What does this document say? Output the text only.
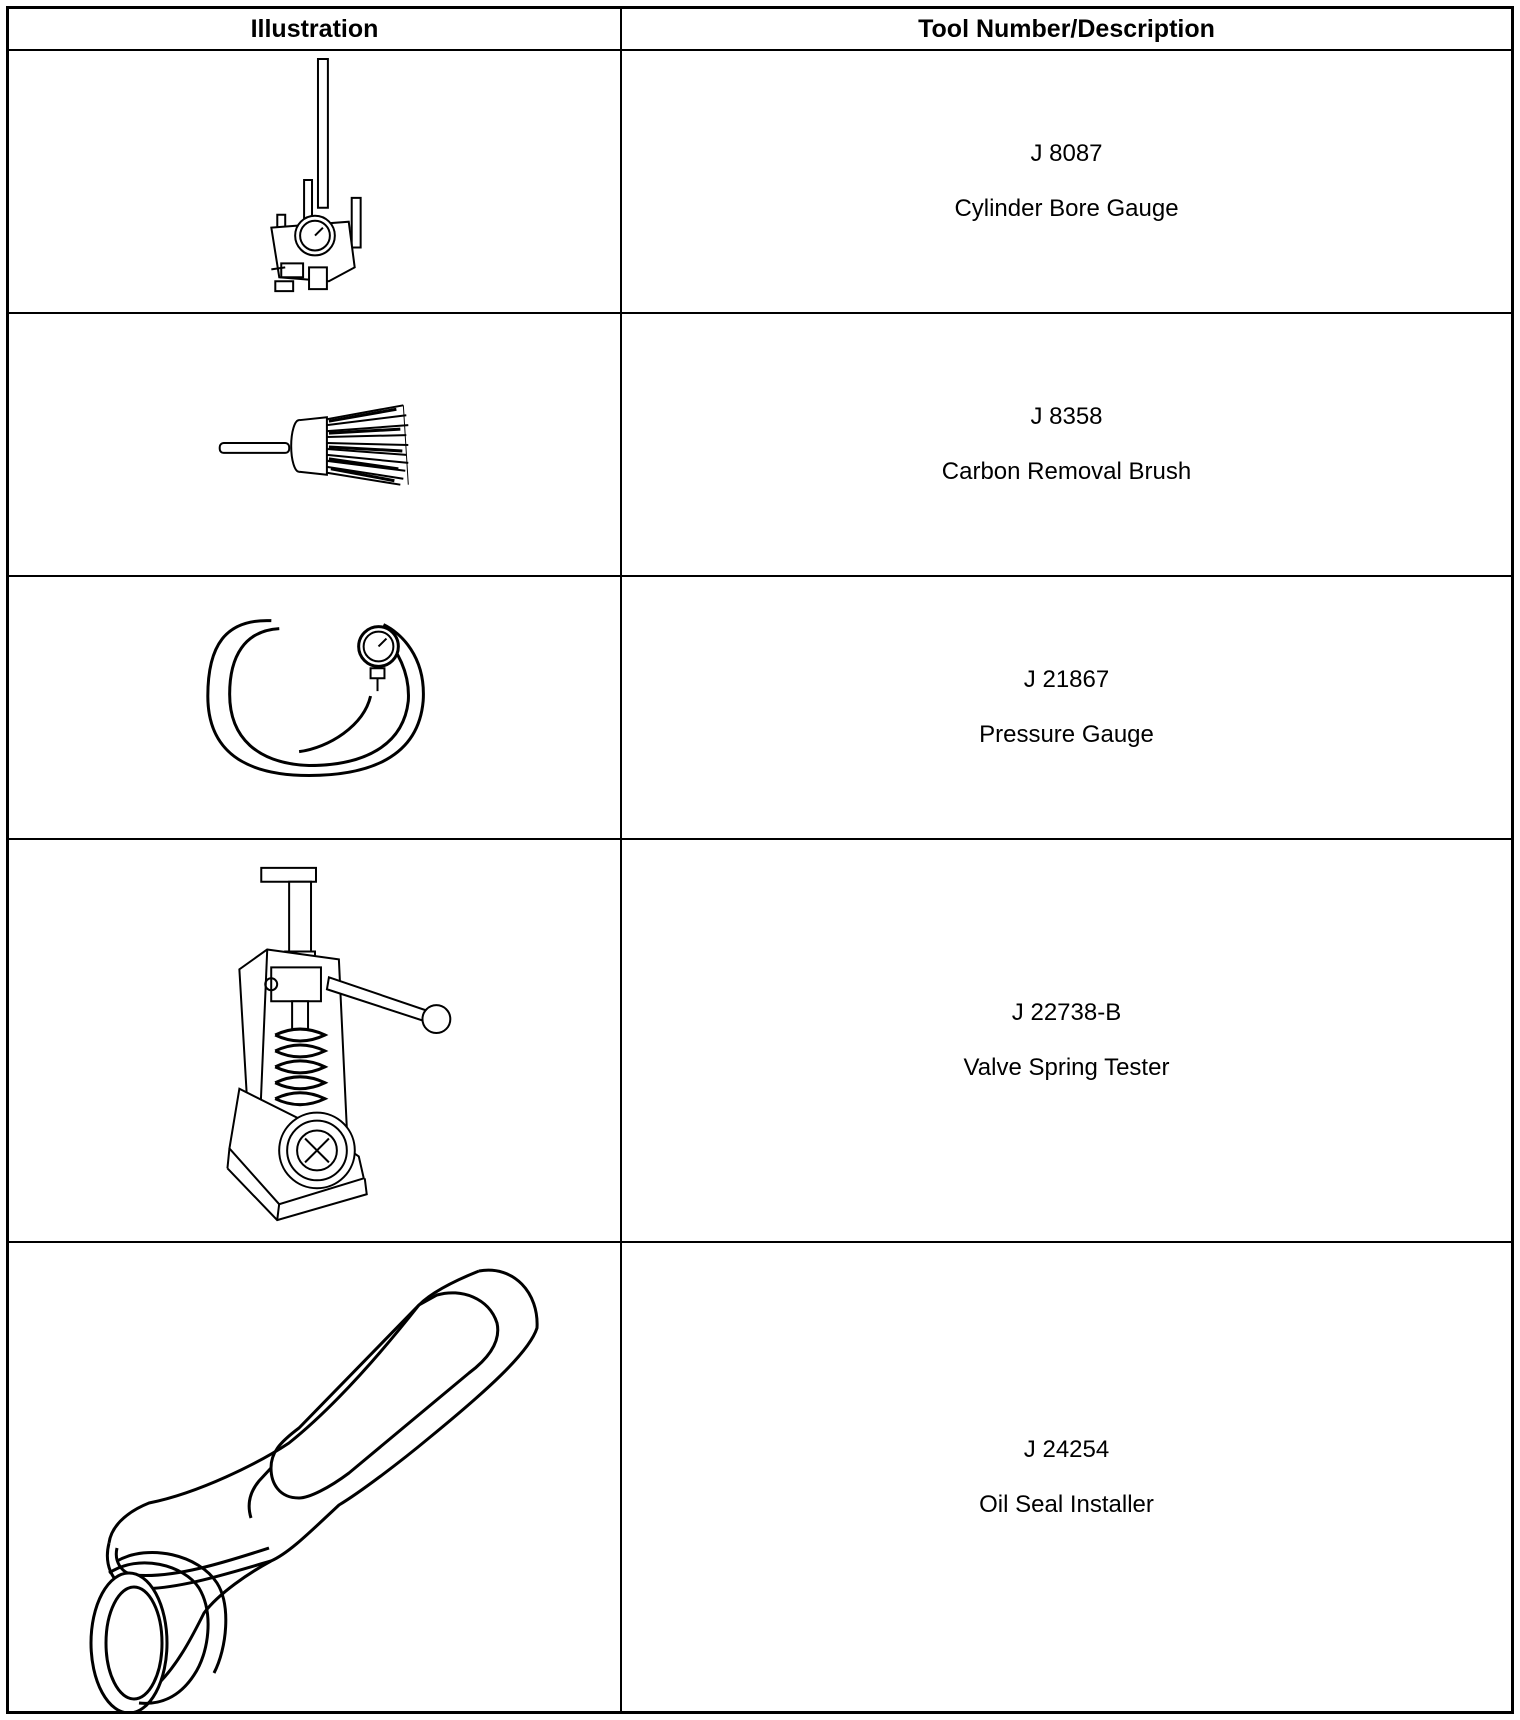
Illustration	Tool Number/Description
J 8087
Cylinder Bore Gauge
J 8358
Carbon Removal Brush
J 21867
Pressure Gauge
J 22738-B
Valve Spring Tester
J 24254
Oil Seal Installer
